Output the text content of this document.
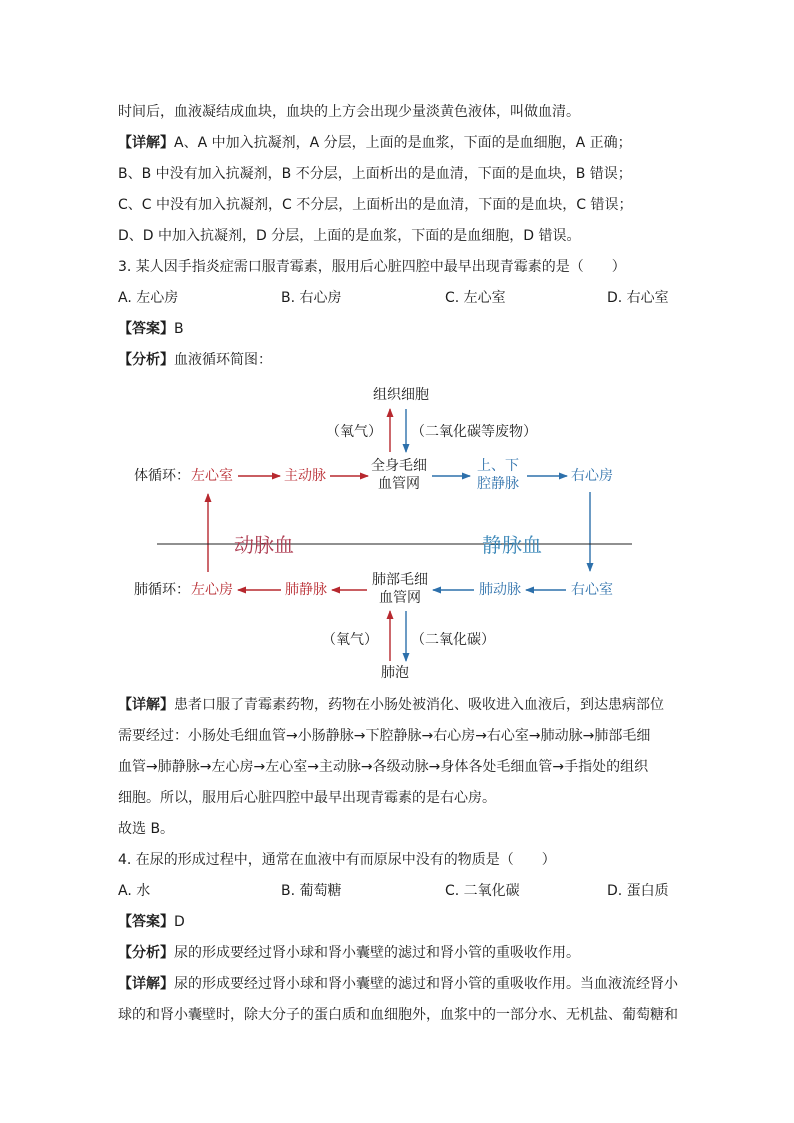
时间后，血液凝结成血块，血块的上方会出现少量淡黄色液体，叫做血清。
【详解】A、A 中加入抗凝剂，A 分层，上面的是血浆，下面的是血细胞，A 正确；
B、B 中没有加入抗凝剂，B 不分层，上面析出的是血清，下面的是血块，B 错误；
C、C 中没有加入抗凝剂，C 不分层，上面析出的是血清，下面的是血块，C 错误；
D、D 中加入抗凝剂，D 分层，上面的是血浆，下面的是血细胞，D 错误。
3. 某人因手指炎症需口服青霉素，服用后心脏四腔中最早出现青霉素的是（　　）
A. 左心房	B. 右心房	C. 左心室	D. 右心室
【答案】B
【分析】血液循环简图：
组织细胞
（氧气） （二氧化碳等废物）
体循环： 左心室	主动脉
全身毛细
血管网
上、下
腔静脉	右心房
动脉血	静脉血
肺循环： 左心房	肺静脉
肺部毛细
血管网	肺动脉	右心室
（氧气） （二氧化碳）
肺泡
【详解】患者口服了青霉素药物，药物在小肠处被消化、吸收进入血液后，到达患病部位
需要经过：小肠处毛细血管→小肠静脉→下腔静脉→右心房→右心室→肺动脉→肺部毛细
血管→肺静脉→左心房→左心室→主动脉→各级动脉→身体各处毛细血管→手指处的组织
细胞。所以，服用后心脏四腔中最早出现青霉素的是右心房。
故选 B。
4. 在尿的形成过程中，通常在血液中有而原尿中没有的物质是（　　）
A. 水	B. 葡萄糖	C. 二氧化碳	D. 蛋白质
【答案】D
【分析】尿的形成要经过肾小球和肾小囊壁的滤过和肾小管的重吸收作用。
【详解】尿的形成要经过肾小球和肾小囊壁的滤过和肾小管的重吸收作用。当血液流经肾小
球的和肾小囊壁时，除大分子的蛋白质和血细胞外，血浆中的一部分水、无机盐、葡萄糖和
